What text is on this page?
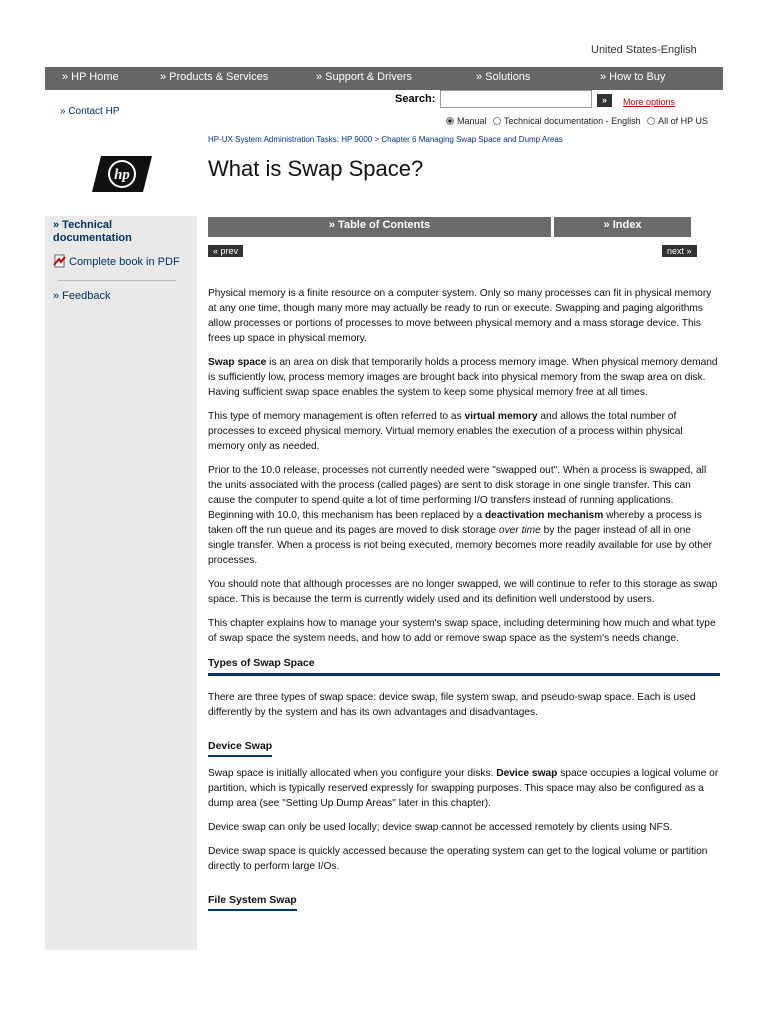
United States-English
» HP Home	» Products & Services	» Support & Drivers	» Solutions	» How to Buy
» Contact HP
Search:	»	More options
Manual Technical documentation - English All of HP US
HP-UX System Administration Tasks: HP 9000 > Chapter 6 Managing Swap Space and Dump Areas
hp	What is Swap Space?
» Technical documentation
Complete book in PDF
» Feedback
» Table of Contents	» Index
« prev	next »

Physical memory is a finite resource on a computer system. Only so many processes can fit in physical memory at any one time, though many more may actually be ready to run or execute. Swapping and paging algorithms allow processes or portions of processes to move between physical memory and a mass storage device. This frees up space in physical memory.

Swap space is an area on disk that temporarily holds a process memory image. When physical memory demand is sufficiently low, process memory images are brought back into physical memory from the swap area on disk. Having sufficient swap space enables the system to keep some physical memory free at all times.

This type of memory management is often referred to as virtual memory and allows the total number of processes to exceed physical memory. Virtual memory enables the execution of a process within physical memory only as needed.

Prior to the 10.0 release, processes not currently needed were "swapped out". When a process is swapped, all the units associated with the process (called pages) are sent to disk storage in one single transfer. This can cause the computer to spend quite a lot of time performing I/O transfers instead of running applications. Beginning with 10.0, this mechanism has been replaced by a deactivation mechanism whereby a process is taken off the run queue and its pages are moved to disk storage over time by the pager instead of all in one single transfer. When a process is not being executed, memory becomes more readily available for use by other processes.

You should note that although processes are no longer swapped, we will continue to refer to this storage as swap space. This is because the term is currently widely used and its definition well understood by users.

This chapter explains how to manage your system's swap space, including determining how much and what type of swap space the system needs, and how to add or remove swap space as the system's needs change.

Types of Swap Space

There are three types of swap space: device swap, file system swap, and pseudo-swap space. Each is used differently by the system and has its own advantages and disadvantages.

Device Swap

Swap space is initially allocated when you configure your disks. Device swap space occupies a logical volume or partition, which is typically reserved expressly for swapping purposes. This space may also be configured as a dump area (see "Setting Up Dump Areas" later in this chapter).

Device swap can only be used locally; device swap cannot be accessed remotely by clients using NFS.

Device swap space is quickly accessed because the operating system can get to the logical volume or partition directly to perform large I/Os.

File System Swap
